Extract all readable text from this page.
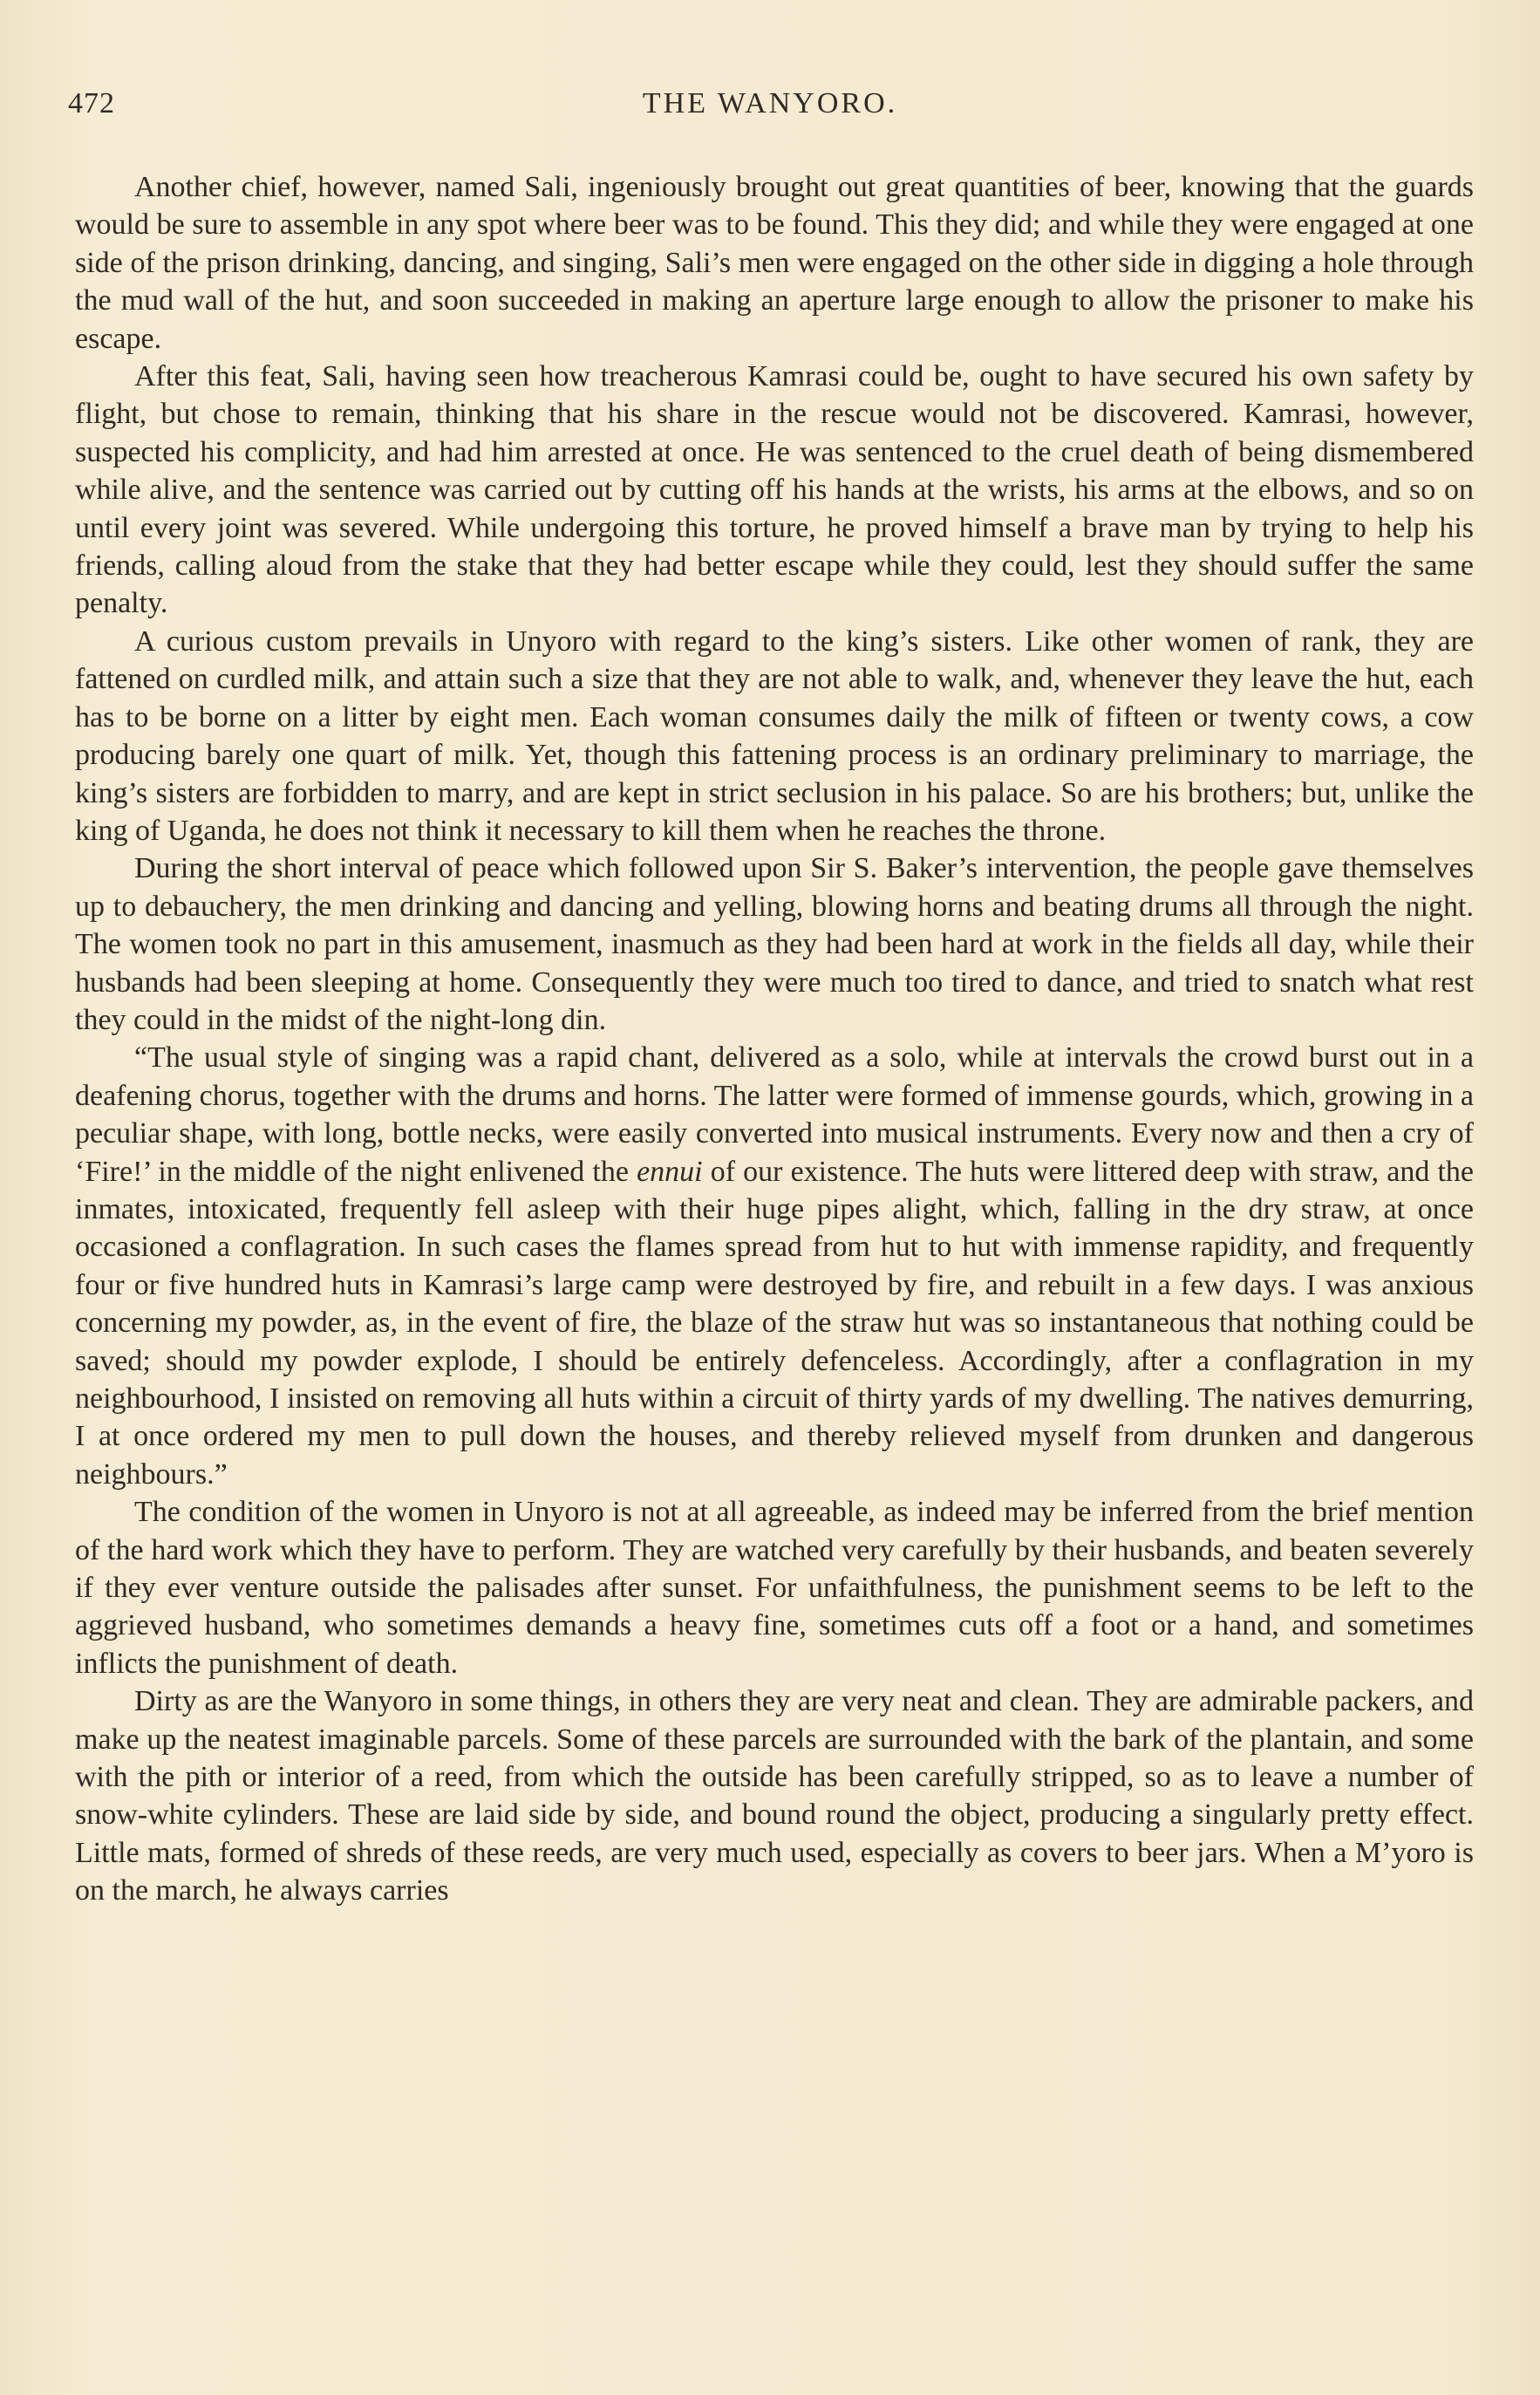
472	THE WANYORO.

Another chief, however, named Sali, ingeniously brought out great quantities of beer, knowing that the guards would be sure to assemble in any spot where beer was to be found. This they did; and while they were engaged at one side of the prison drinking, dancing, and singing, Sali’s men were engaged on the other side in digging a hole through the mud wall of the hut, and soon succeeded in making an aperture large enough to allow the prisoner to make his escape.

After this feat, Sali, having seen how treacherous Kamrasi could be, ought to have secured his own safety by flight, but chose to remain, thinking that his share in the rescue would not be discovered. Kamrasi, however, suspected his complicity, and had him arrested at once. He was sentenced to the cruel death of being dismembered while alive, and the sentence was carried out by cutting off his hands at the wrists, his arms at the elbows, and so on until every joint was severed. While undergoing this torture, he proved himself a brave man by trying to help his friends, calling aloud from the stake that they had better escape while they could, lest they should suffer the same penalty.

A curious custom prevails in Unyoro with regard to the king’s sisters. Like other women of rank, they are fattened on curdled milk, and attain such a size that they are not able to walk, and, whenever they leave the hut, each has to be borne on a litter by eight men. Each woman consumes daily the milk of fifteen or twenty cows, a cow producing barely one quart of milk. Yet, though this fattening process is an ordinary preliminary to marriage, the king’s sisters are forbidden to marry, and are kept in strict seclusion in his palace. So are his brothers; but, unlike the king of Uganda, he does not think it necessary to kill them when he reaches the throne.

During the short interval of peace which followed upon Sir S. Baker’s intervention, the people gave themselves up to debauchery, the men drinking and dancing and yelling, blowing horns and beating drums all through the night. The women took no part in this amusement, inasmuch as they had been hard at work in the fields all day, while their husbands had been sleeping at home. Consequently they were much too tired to dance, and tried to snatch what rest they could in the midst of the night-long din.

“The usual style of singing was a rapid chant, delivered as a solo, while at intervals the crowd burst out in a deafening chorus, together with the drums and horns. The latter were formed of immense gourds, which, growing in a peculiar shape, with long, bottle necks, were easily converted into musical instruments. Every now and then a cry of ‘Fire!’ in the middle of the night enlivened the ennui of our existence. The huts were littered deep with straw, and the inmates, intoxicated, frequently fell asleep with their huge pipes alight, which, falling in the dry straw, at once occasioned a conflagration. In such cases the flames spread from hut to hut with immense rapidity, and frequently four or five hundred huts in Kamrasi’s large camp were destroyed by fire, and rebuilt in a few days. I was anxious concerning my powder, as, in the event of fire, the blaze of the straw hut was so instantaneous that nothing could be saved; should my powder explode, I should be entirely defenceless. Accordingly, after a conflagration in my neighbourhood, I insisted on removing all huts within a circuit of thirty yards of my dwelling. The natives demurring, I at once ordered my men to pull down the houses, and thereby relieved myself from drunken and dangerous neighbours.”

The condition of the women in Unyoro is not at all agreeable, as indeed may be inferred from the brief mention of the hard work which they have to perform. They are watched very carefully by their husbands, and beaten severely if they ever venture outside the palisades after sunset. For unfaithfulness, the punishment seems to be left to the aggrieved husband, who sometimes demands a heavy fine, sometimes cuts off a foot or a hand, and sometimes inflicts the punishment of death.

Dirty as are the Wanyoro in some things, in others they are very neat and clean. They are admirable packers, and make up the neatest imaginable parcels. Some of these parcels are surrounded with the bark of the plantain, and some with the pith or interior of a reed, from which the outside has been carefully stripped, so as to leave a number of snow-white cylinders. These are laid side by side, and bound round the object, producing a singularly pretty effect. Little mats, formed of shreds of these reeds, are very much used, especially as covers to beer jars. When a M’yoro is on the march, he always carries
